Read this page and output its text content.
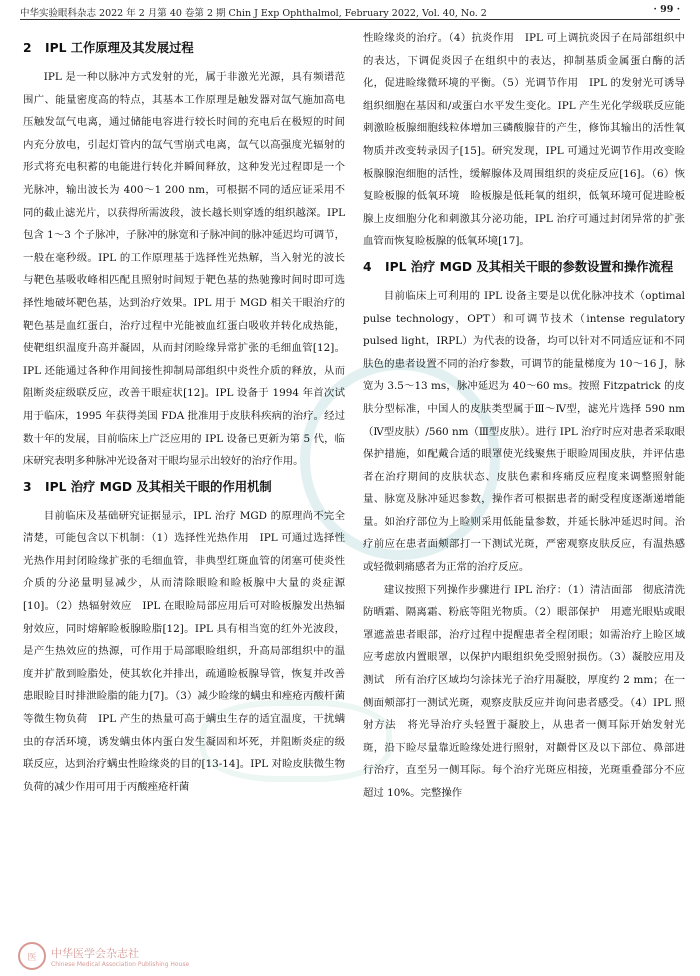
中华实验眼科杂志 2022 年 2 月第 40 卷第 2 期 Chin J Exp Ophthalmol, February 2022, Vol. 40, No. 2	· 99 ·
2 IPL 工作原理及其发展过程

IPL 是一种以脉冲方式发射的光，属于非激光光源，具有频谱范围广、能量密度高的特点，其基本工作原理是触发器对氙气施加高电压触发氙气电离，通过储能电容进行较长时间的充电后在极短的时间内充分放电，引起灯管内的氙气雪崩式电离，氙气以高强度光辐射的形式将充电积蓄的电能进行转化并瞬间释放，这种发光过程即是一个光脉冲，输出波长为 400～1 200 nm，可根据不同的适应证采用不同的截止滤光片，以获得所需波段，波长越长则穿透的组织越深。IPL 包含 1～3 个子脉冲，子脉冲的脉宽和子脉冲间的脉冲延迟均可调节，一般在毫秒级。IPL 的工作原理基于选择性光热解，当入射光的波长与靶色基吸收峰相匹配且照射时间短于靶色基的热驰豫时间时即可选择性地破坏靶色基，达到治疗效果。IPL 用于 MGD 相关干眼治疗的靶色基是血红蛋白，治疗过程中光能被血红蛋白吸收并转化成热能，使靶组织温度升高并凝固，从而封闭睑缘异常扩张的毛细血管[12]。IPL 还能通过各种作用间接性抑制局部组织中炎性介质的释放，从而阻断炎症级联反应，改善干眼症状[12]。IPL 设备于 1994 年首次试用于临床，1995 年获得美国 FDA 批准用于皮肤科疾病的治疗。经过数十年的发展，目前临床上广泛应用的 IPL 设备已更新为第 5 代，临床研究表明多种脉冲光设备对干眼均显示出较好的治疗作用。

3 IPL 治疗 MGD 及其相关干眼的作用机制

目前临床及基础研究证据显示，IPL 治疗 MGD 的原理尚不完全清楚，可能包含以下机制：（1）选择性光热作用　IPL 可通过选择性光热作用封闭睑缘扩张的毛细血管，非典型红斑血管的闭塞可使炎性介质的分泌量明显减少，从而清除眼睑和睑板腺中大量的炎症源[10]。（2）热辐射效应　IPL 在眼睑局部应用后可对睑板腺发出热辐射效应，同时熔解睑板腺睑脂[12]。IPL 具有相当宽的红外光波段，是产生热效应的热源，可作用于局部眼睑组织，升高局部组织中的温度并扩散到睑脂处，使其软化并排出，疏通睑板腺导管，恢复并改善患眼睑目时排泄睑脂的能力[7]。（3）减少睑缘的螨虫和痤疮丙酸杆菌等微生物负荷　IPL 产生的热量可高于螨虫生存的适宜温度，干扰螨虫的存活环境，诱发螨虫体内蛋白发生凝固和坏死，并阻断炎症的级联反应，达到治疗螨虫性睑缘炎的目的[13-14]。IPL 对睑皮肤微生物负荷的减少作用可用于丙酸痤疮杆菌

性睑缘炎的治疗。（4）抗炎作用　IPL 可上调抗炎因子在局部组织中的表达，下调促炎因子在组织中的表达，抑制基质金属蛋白酶的活化，促进睑缘微环境的平衡。（5）光调节作用　IPL 的发射光可诱导组织细胞在基因和/或蛋白水平发生变化。IPL 产生光化学级联反应能刺激睑板腺细胞线粒体增加三磷酸腺苷的产生，修饰其输出的活性氧物质并改变转录因子[15]。研究发现，IPL 可通过光调节作用改变睑板腺腺泡细胞的活性，缓解腺体及周围组织的炎症反应[16]。（6）恢复睑板腺的低氧环境　睑板腺是低耗氧的组织，低氧环境可促进睑板腺上皮细胞分化和刺激其分泌功能，IPL 治疗可通过封闭异常的扩张血管而恢复睑板腺的低氧环境[17]。

4 IPL 治疗 MGD 及其相关干眼的参数设置和操作流程

目前临床上可利用的 IPL 设备主要是以优化脉冲技术（optimal pulse technology，OPT）和可调节技术（intense regulatory pulsed light，IRPL）为代表的设备，均可以针对不同适应证和不同肤色的患者设置不同的治疗参数，可调节的能量梯度为 10～16 J，脉宽为 3.5～13 ms，脉冲延迟为 40～60 ms。按照 Fitzpatrick 的皮肤分型标准，中国人的皮肤类型属于Ⅲ～Ⅳ型，滤光片选择 590 nm（Ⅳ型皮肤）/560 nm（Ⅲ型皮肤）。进行 IPL 治疗时应对患者采取眼保护措施，如配戴合适的眼罩使光线聚焦于眼睑周围皮肤，并评估患者在治疗期间的皮肤状态、皮肤色素和疼痛反应程度来调整照射能量、脉宽及脉冲延迟参数，操作者可根据患者的耐受程度逐渐递增能量。如治疗部位为上睑则采用低能量参数，并延长脉冲延迟时间。治疗前应在患者面颊部打一下测试光斑，严密观察皮肤反应，有温热感或轻微刺痛感者为正常的治疗反应。

建议按照下列操作步骤进行 IPL 治疗：（1）清洁面部　彻底清洗防晒霜、隔离霜、粉底等阻光物质。（2）眼部保护　用遮光眼贴或眼罩遮盖患者眼部，治疗过程中提醒患者全程闭眼；如需治疗上睑区域应考虑放内置眼罩，以保护内眼组织免受照射损伤。（3）凝胶应用及测试　所有治疗区域均匀涂抹光子治疗用凝胶，厚度约 2 mm；在一侧面颊部打一测试光斑，观察皮肤反应并询问患者感受。（4）IPL 照射方法　将光导治疗头轻置于凝胶上，从患者一侧耳际开始发射光斑，沿下睑尽量靠近睑缘处进行照射，对颧骨区及以下部位、鼻部进行治疗，直至另一侧耳际。每个治疗光斑应相接，光斑重叠部分不应超过 10%。完整操作

医	中华医学会杂志社
Chinese Medical Association Publishing House
